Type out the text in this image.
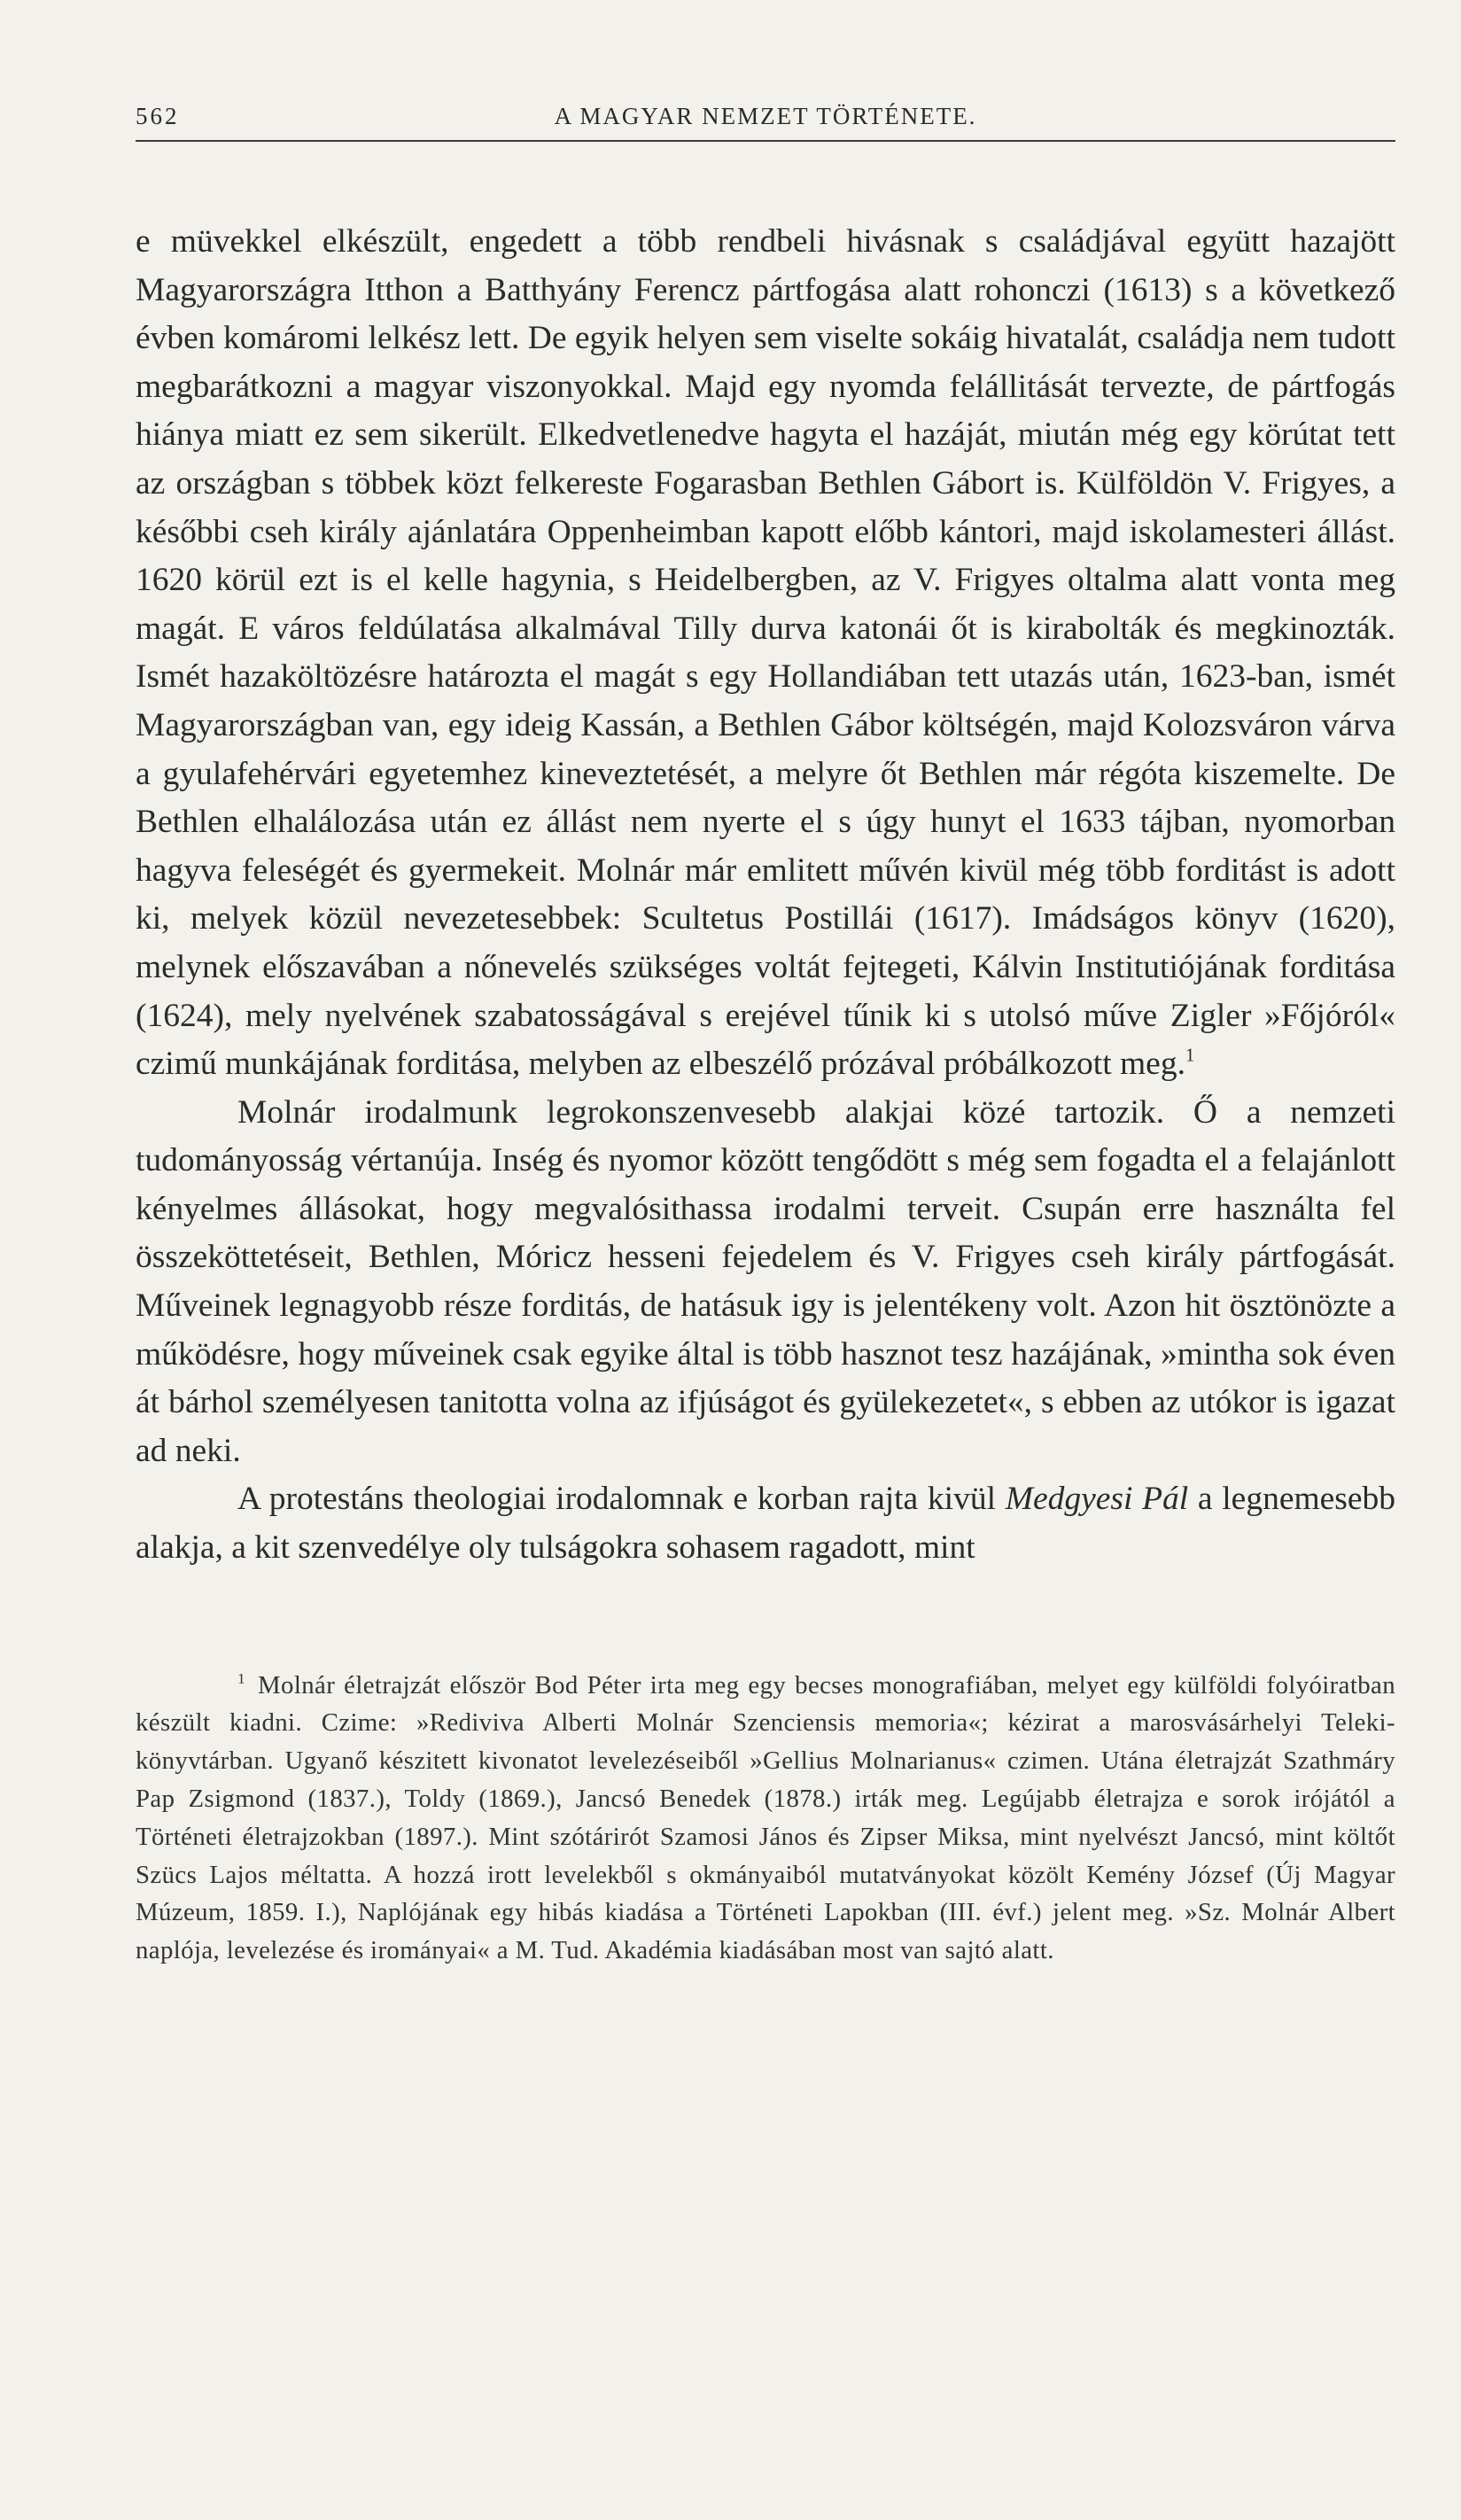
562	A MAGYAR NEMZET TÖRTÉNETE.

e müvekkel elkészült, engedett a több rendbeli hivásnak s családjával együtt hazajött Magyarországra Itthon a Batthyány Ferencz pártfogása alatt rohonczi (1613) s a következő évben komáromi lelkész lett. De egyik helyen sem viselte sokáig hivatalát, családja nem tudott megbarátkozni a magyar viszonyokkal. Majd egy nyomda felállitását tervezte, de pártfogás hiánya miatt ez sem sikerült. Elkedvetlenedve hagyta el hazáját, miután még egy körútat tett az országban s többek közt felkereste Fogarasban Bethlen Gábort is. Külföldön V. Frigyes, a későbbi cseh király ajánlatára Oppenheimban kapott előbb kántori, majd iskolamesteri állást. 1620 körül ezt is el kelle hagynia, s Heidelbergben, az V. Frigyes oltalma alatt vonta meg magát. E város feldúlatása alkalmával Tilly durva katonái őt is kirabolták és megkinozták. Ismét hazaköltözésre határozta el magát s egy Hollandiában tett utazás után, 1623-ban, ismét Magyarországban van, egy ideig Kassán, a Bethlen Gábor költségén, majd Kolozsváron várva a gyulafehérvári egyetemhez kineveztetését, a melyre őt Bethlen már régóta kiszemelte. De Bethlen elhalálozása után ez állást nem nyerte el s úgy hunyt el 1633 tájban, nyomorban hagyva feleségét és gyermekeit. Molnár már emlitett művén kivül még több forditást is adott ki, melyek közül nevezetesebbek: Scultetus Postillái (1617). Imádságos könyv (1620), melynek előszavában a nőnevelés szükséges voltát fejtegeti, Kálvin Institutiójának forditása (1624), mely nyelvének szabatosságával s erejével tűnik ki s utolsó műve Zigler »Főjóról« czimű munkájának forditása, melyben az elbeszélő prózával próbálkozott meg.$^1$

Molnár irodalmunk legrokonszenvesebb alakjai közé tartozik. Ő a nemzeti tudományosság vértanúja. Inség és nyomor között tengődött s még sem fogadta el a felajánlott kényelmes állásokat, hogy megvalósithassa irodalmi terveit. Csupán erre használta fel összeköttetéseit, Bethlen, Móricz hesseni fejedelem és V. Frigyes cseh király pártfogását. Műveinek legnagyobb része forditás, de hatásuk igy is jelentékeny volt. Azon hit ösztönözte a működésre, hogy műveinek csak egyike által is több hasznot tesz hazájának, »mintha sok éven át bárhol személyesen tanitotta volna az ifjúságot és gyülekezetet«, s ebben az utókor is igazat ad neki.

A protestáns theologiai irodalomnak e korban rajta kivül Medgyesi Pál a legnemesebb alakja, a kit szenvedélye oly tulságokra sohasem ragadott, mint

$^1$ Molnár életrajzát először Bod Péter irta meg egy becses monografiában, melyet egy külföldi folyóiratban készült kiadni. Czime: »Rediviva Alberti Molnár Szenciensis memoria«; kézirat a marosvásárhelyi Teleki-könyvtárban. Ugyanő készitett kivonatot levelezéseiből »Gellius Molnarianus« czimen. Utána életrajzát Szathmáry Pap Zsigmond (1837.), Toldy (1869.), Jancsó Benedek (1878.) irták meg. Legújabb életrajza e sorok irójától a Történeti életrajzokban (1897.). Mint szótárirót Szamosi János és Zipser Miksa, mint nyelvészt Jancsó, mint költőt Szücs Lajos méltatta. A hozzá irott levelekből s okmányaiból mutatványokat közölt Kemény József (Új Magyar Múzeum, 1859. I.), Naplójának egy hibás kiadása a Történeti Lapokban (III. évf.) jelent meg. »Sz. Molnár Albert naplója, levelezése és irományai« a M. Tud. Akadémia kiadásában most van sajtó alatt.
